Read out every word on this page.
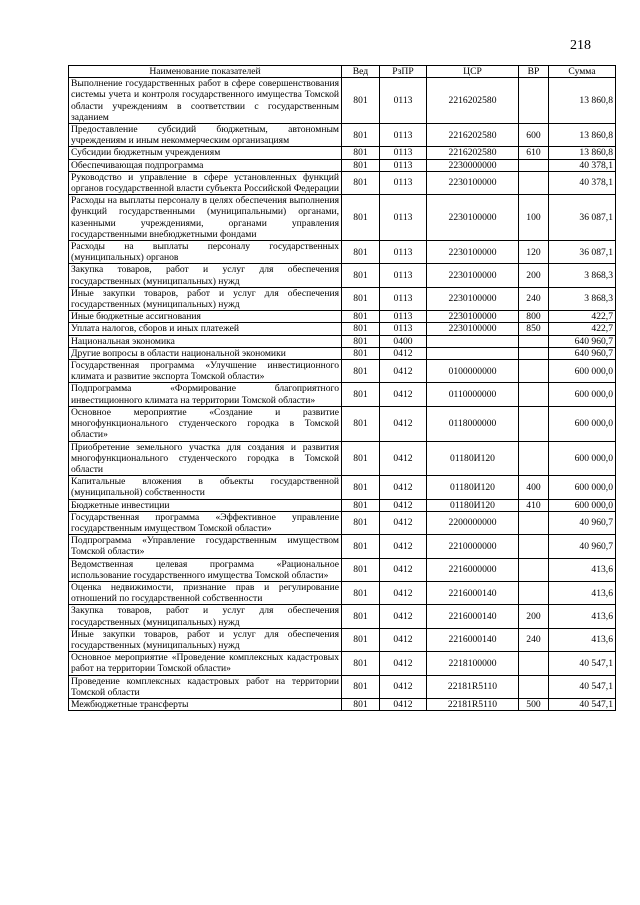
218
Наименование показателей	Вед	РзПР	ЦСР	ВР	Сумма
Выполнение государственных работ в сфере совершенствования системы учета и контроля государственного имущества Томской области учреждениям в соответствии с государственным заданием	801	0113	2216202580		13 860,8
Предоставление субсидий бюджетным, автономным учреждениям и иным некоммерческим организациям	801	0113	2216202580	600	13 860,8
Субсидии бюджетным учреждениям	801	0113	2216202580	610	13 860,8
Обеспечивающая подпрограмма	801	0113	2230000000		40 378,1
Руководство и управление в сфере установленных функций органов государственной власти субъекта Российской Федерации	801	0113	2230100000		40 378,1
Расходы на выплаты персоналу в целях обеспечения выполнения функций государственными (муниципальными) органами, казенными учреждениями, органами управления государственными внебюджетными фондами	801	0113	2230100000	100	36 087,1
Расходы на выплаты персоналу государственных (муниципальных) органов	801	0113	2230100000	120	36 087,1
Закупка товаров, работ и услуг для обеспечения государственных (муниципальных) нужд	801	0113	2230100000	200	3 868,3
Иные закупки товаров, работ и услуг для обеспечения государственных (муниципальных) нужд	801	0113	2230100000	240	3 868,3
Иные бюджетные ассигнования	801	0113	2230100000	800	422,7
Уплата налогов, сборов и иных платежей	801	0113	2230100000	850	422,7
Национальная экономика	801	0400			640 960,7
Другие вопросы в области национальной экономики	801	0412			640 960,7
Государственная программа «Улучшение инвестиционного климата и развитие экспорта Томской области»	801	0412	0100000000		600 000,0
Подпрограмма «Формирование благоприятного инвестиционного климата на территории Томской области»	801	0412	0110000000		600 000,0
Основное мероприятие «Создание и развитие многофункционального студенческого городка в Томской области»	801	0412	0118000000		600 000,0
Приобретение земельного участка для создания и развития многофункционального студенческого городка в Томской области	801	0412	01180И120		600 000,0
Капитальные вложения в объекты государственной (муниципальной) собственности	801	0412	01180И120	400	600 000,0
Бюджетные инвестиции	801	0412	01180И120	410	600 000,0
Государственная программа «Эффективное управление государственным имуществом Томской области»	801	0412	2200000000		40 960,7
Подпрограмма «Управление государственным имуществом Томской области»	801	0412	2210000000		40 960,7
Ведомственная целевая программа «Рациональное использование государственного имущества Томской области»	801	0412	2216000000		413,6
Оценка недвижимости, признание прав и регулирование отношений по государственной собственности	801	0412	2216000140		413,6
Закупка товаров, работ и услуг для обеспечения государственных (муниципальных) нужд	801	0412	2216000140	200	413,6
Иные закупки товаров, работ и услуг для обеспечения государственных (муниципальных) нужд	801	0412	2216000140	240	413,6
Основное мероприятие «Проведение комплексных кадастровых работ на территории Томской области»	801	0412	2218100000		40 547,1
Проведение комплексных кадастровых работ на территории Томской области	801	0412	22181R5110		40 547,1
Межбюджетные трансферты	801	0412	22181R5110	500	40 547,1
